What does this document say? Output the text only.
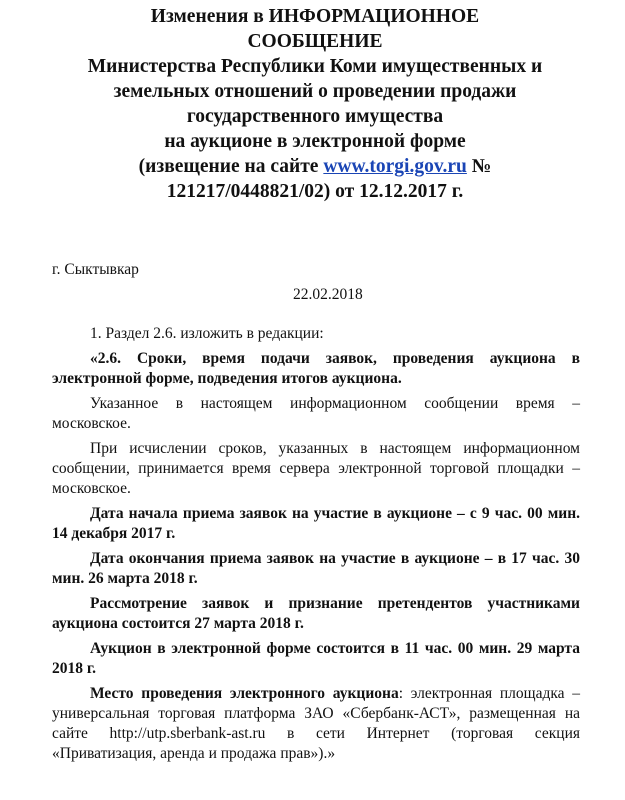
Изменения в ИНФОРМАЦИОННОЕ
СООБЩЕНИЕ
Министерства Республики Коми имущественных и
земельных отношений о проведении продажи
государственного имущества
на аукционе в электронной форме
(извещение на сайте www.torgi.gov.ru №
121217/0448821/02) от 12.12.2017 г.
г. Сыктывкар
22.02.2018

1. Раздел 2.6. изложить в редакции:

«2.6. Сроки, время подачи заявок, проведения аукциона в электронной форме, подведения итогов аукциона.

Указанное в настоящем информационном сообщении время – московское.

При исчислении сроков, указанных в настоящем информационном сообщении, принимается время сервера электронной торговой площадки – московское.

Дата начала приема заявок на участие в аукционе – с 9 час. 00 мин. 14 декабря 2017 г.

Дата окончания приема заявок на участие в аукционе – в 17 час. 30 мин. 26 марта 2018 г.

Рассмотрение заявок и признание претендентов участниками аукциона состоится 27 марта 2018 г.

Аукцион в электронной форме состоится в 11 час. 00 мин. 29 марта 2018 г.

Место проведения электронного аукциона: электронная площадка – универсальная торговая платформа ЗАО «Сбербанк-АСТ», размещенная на сайте http://utp.sberbank-ast.ru в сети Интернет (торговая секция «Приватизация, аренда и продажа прав»).»
